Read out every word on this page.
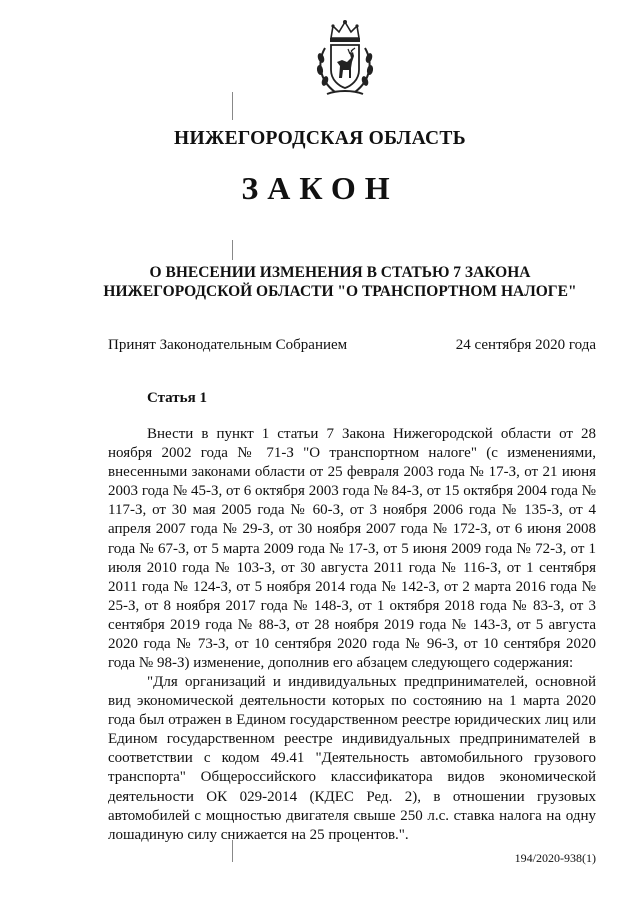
НИЖЕГОРОДСКАЯ ОБЛАСТЬ
ЗАКОН
О ВНЕСЕНИИ ИЗМЕНЕНИЯ В СТАТЬЮ 7 ЗАКОНА
НИЖЕГОРОДСКОЙ ОБЛАСТИ "О ТРАНСПОРТНОМ НАЛОГЕ"
Принят Законодательным Собранием	24 сентября 2020 года
Статья 1
Внести в пункт 1 статьи 7 Закона Нижегородской области от 28 ноября 2002 года № 71-З "О транспортном налоге" (с изменениями, внесенными законами области от 25 февраля 2003 года № 17-З, от 21 июня 2003 года № 45-З, от 6 октября 2003 года № 84-З, от 15 октября 2004 года № 117-З, от 30 мая 2005 года № 60-З, от 3 ноября 2006 года № 135-З, от 4 апреля 2007 года № 29-З, от 30 ноября 2007 года № 172-З, от 6 июня 2008 года № 67-З, от 5 марта 2009 года № 17-З, от 5 июня 2009 года № 72-З, от 1 июля 2010 года № 103-З, от 30 августа 2011 года № 116-З, от 1 сентября 2011 года № 124-З, от 5 ноября 2014 года № 142-З, от 2 марта 2016 года № 25-З, от 8 ноября 2017 года № 148-З, от 1 октября 2018 года № 83-З, от 3 сентября 2019 года № 88-З, от 28 ноября 2019 года № 143-З, от 5 августа 2020 года № 73-З, от 10 сентября 2020 года № 96-З, от 10 сентября 2020 года № 98-З) изменение, дополнив его абзацем следующего содержания:
"Для организаций и индивидуальных предпринимателей, основной вид экономической деятельности которых по состоянию на 1 марта 2020 года был отражен в Едином государственном реестре юридических лиц или Едином государственном реестре индивидуальных предпринимателей в соответствии с кодом 49.41 "Деятельность автомобильного грузового транспорта" Общероссийского классификатора видов экономической деятельности ОК 029-2014 (КДЕС Ред. 2), в отношении грузовых автомобилей с мощностью двигателя свыше 250 л.с. ставка налога на одну лошадиную силу снижается на 25 процентов.".
194/2020-938(1)
